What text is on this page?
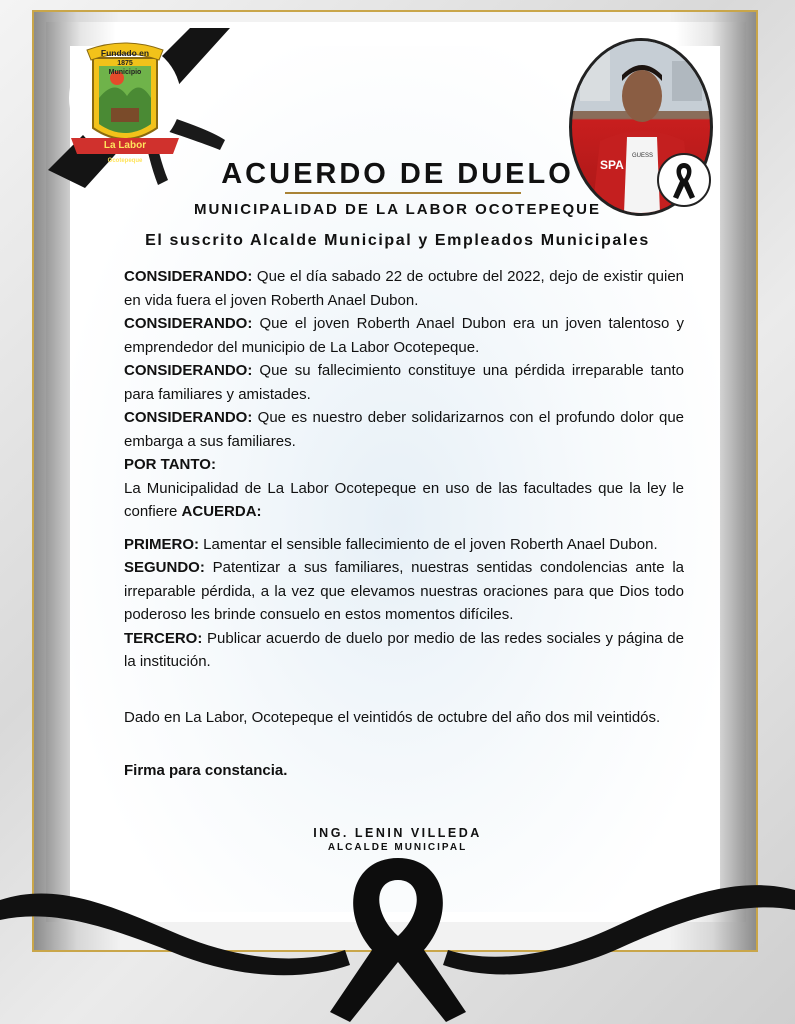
Fundado en
1875
Municipio
La Labor
Ocotepeque
GUESS
SPA
ACUERDO DE DUELO
MUNICIPALIDAD DE LA LABOR OCOTEPEQUE
El suscrito Alcalde Municipal y Empleados Municipales

CONSIDERANDO: Que el día sabado 22 de octubre del 2022, dejo de existir quien en vida fuera el joven Roberth Anael Dubon.

CONSIDERANDO: Que el joven Roberth Anael Dubon era un joven talentoso y emprendedor del municipio de La Labor Ocotepeque.

CONSIDERANDO: Que su fallecimiento constituye una pérdida irreparable tanto para familiares y amistades.

CONSIDERANDO: Que es nuestro deber solidarizarnos con el profundo dolor que embarga a sus familiares.

POR TANTO:

La Municipalidad de La Labor Ocotepeque en uso de las facultades que la ley le confiere ACUERDA:

PRIMERO: Lamentar el sensible fallecimiento de el joven Roberth Anael Dubon.

SEGUNDO: Patentizar a sus familiares, nuestras sentidas condolencias ante la irreparable pérdida, a la vez que elevamos nuestras oraciones para que Dios todo poderoso les brinde consuelo en estos momentos difíciles.

TERCERO: Publicar acuerdo de duelo por medio de las redes sociales y página de la institución.

Dado en La Labor, Ocotepeque el veintidós de octubre del año dos mil veintidós.

Firma para constancia.

ING. LENIN VILLEDA
ALCALDE MUNICIPAL
